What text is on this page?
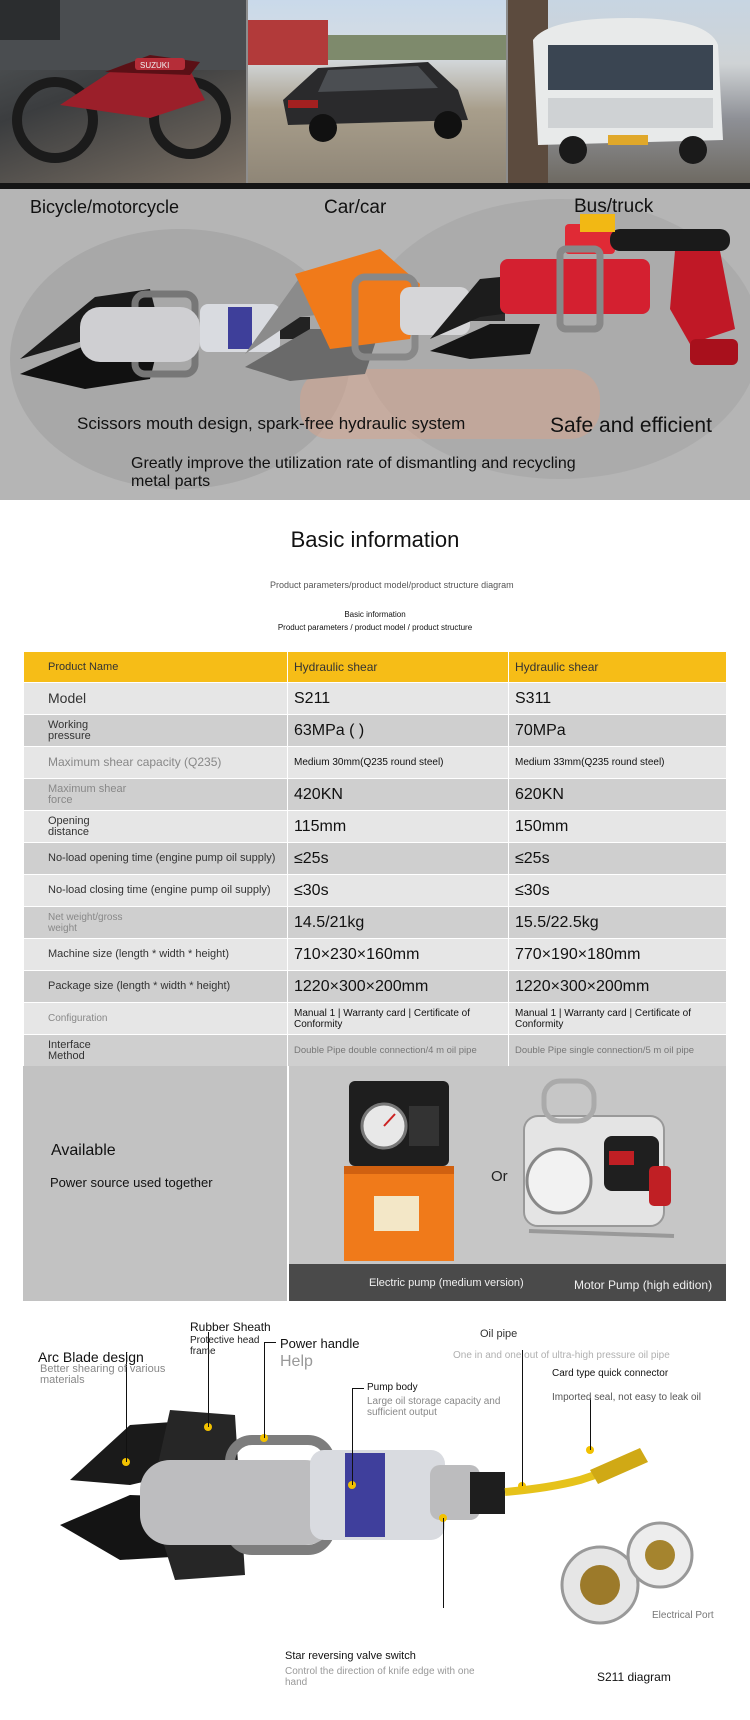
SUZUKI
Bicycle/motorcycle	Car/car	Bus/truck
Scissors mouth design, spark-free hydraulic system	Safe and efficient
Greatly improve the utilization rate of dismantling and recycling metal parts
Basic information
Product parameters/product model/product structure diagram
Basic information
Product parameters / product model / product structure
Product Name	Hydraulic shear	Hydraulic shear
Model	S211	S311

Working pressure	63MPa ( )	70MPa
Maximum shear capacity (Q235)	Medium 30mm(Q235 round steel)	Medium 33mm(Q235 round steel)

Maximum shear force	420KN	620KN

Opening distance	115mm	150mm
No-load opening time (engine pump oil supply)	≤25s	≤25s
No-load closing time (engine pump oil supply)	≤30s	≤30s

Net weight/gross weight	14.5/21kg	15.5/22.5kg
Machine size (length * width * height)	710×230×160mm	770×190×180mm
Package size (length * width * height)	1220×300×200mm	1220×300×200mm

Configuration	Manual 1 | Warranty card | Certificate of Conformity	Manual 1 | Warranty card | Certificate of Conformity

Interface Method	Double Pipe double connection/4 m oil pipe	Double Pipe single connection/5 m oil pipe
Available
Power source used together	Or
Electric pump (medium version)	Motor Pump (high edition)
Arc Blade design
Better shearing of various materials
Rubber Sheath
Protective head frame
Power handle
Help
Pump body
Large oil storage capacity and sufficient output
Oil pipe
One in and one out of ultra-high pressure oil pipe
Card type quick connector
Imported seal, not easy to leak oil
Electrical Port
Star reversing valve switch
Control the direction of knife edge with one hand	S211 diagram
